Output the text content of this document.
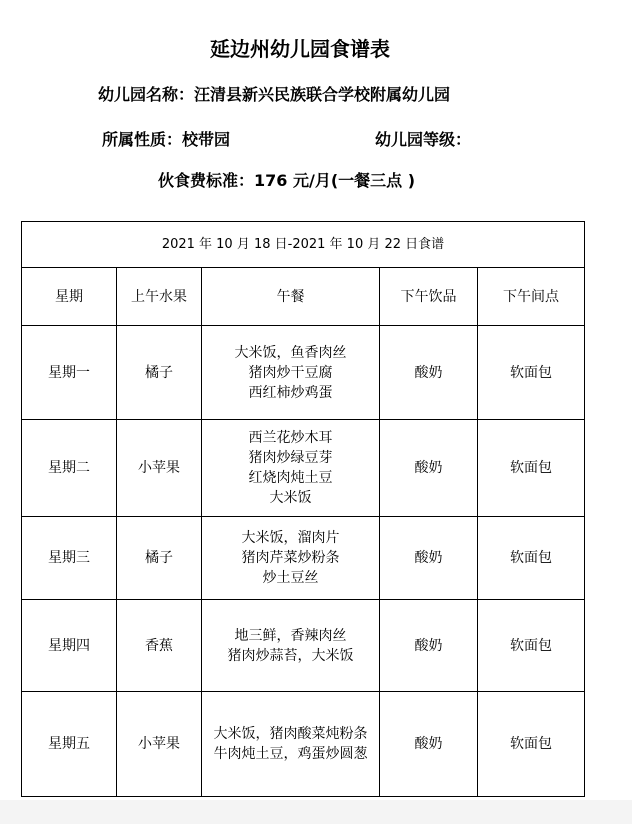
延边州幼儿园食谱表
幼儿园名称：汪清县新兴民族联合学校附属幼儿园
所属性质：校带园	幼儿园等级：
伙食费标准：176 元/月(一餐三点 )
2021 年 10 月 18 日-2021 年 10 月 22 日食谱				
星期	上午水果	午餐	下午饮品	下午间点
星期一	橘子	大米饭，鱼香肉丝
猪肉炒干豆腐
西红柿炒鸡蛋	酸奶	软面包
星期二	小苹果	西兰花炒木耳
猪肉炒绿豆芽
红烧肉炖土豆
大米饭	酸奶	软面包
星期三	橘子	大米饭，溜肉片
猪肉芹菜炒粉条
炒土豆丝	酸奶	软面包
星期四	香蕉	地三鲜，香辣肉丝
猪肉炒蒜苔，大米饭	酸奶	软面包
星期五	小苹果	大米饭，猪肉酸菜炖粉条
牛肉炖土豆，鸡蛋炒圆葱	酸奶	软面包
